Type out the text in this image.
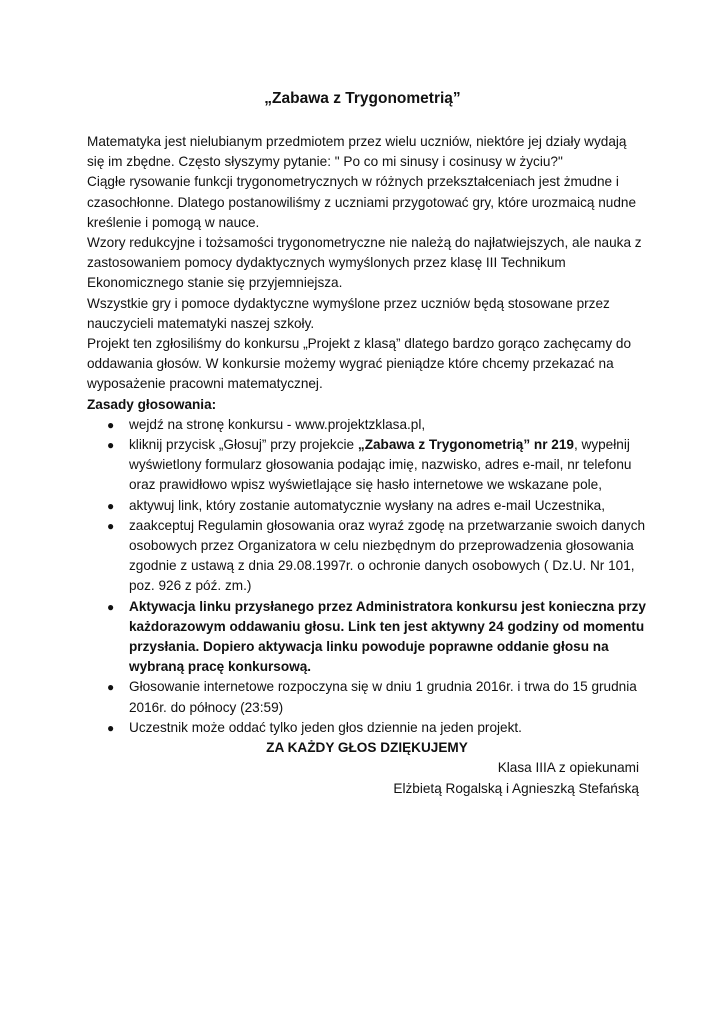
„Zabawa z Trygonometrią”

Matematyka jest nielubianym przedmiotem przez wielu uczniów, niektóre jej działy wydają się im zbędne. Często słyszymy pytanie: " Po co mi sinusy i cosinusy w życiu?"

Ciągłe rysowanie funkcji trygonometrycznych w różnych przekształceniach jest żmudne i czasochłonne. Dlatego postanowiliśmy z uczniami przygotować gry, które urozmaicą nudne kreślenie i pomogą w nauce.

Wzory redukcyjne i tożsamości trygonometryczne nie należą do najłatwiejszych, ale nauka z zastosowaniem pomocy dydaktycznych wymyślonych przez klasę III Technikum Ekonomicznego stanie się przyjemniejsza.

Wszystkie gry i pomoce dydaktyczne wymyślone przez uczniów będą stosowane przez nauczycieli matematyki naszej szkoły.

Projekt ten zgłosiliśmy do konkursu „Projekt z klasą” dlatego bardzo gorąco zachęcamy do oddawania głosów. W konkursie możemy wygrać pieniądze które chcemy przekazać na wyposażenie pracowni matematycznej.

Zasady głosowania:

● wejdź na stronę konkursu - www.projektzklasa.pl,
● kliknij przycisk „Głosuj” przy projekcie „Zabawa z Trygonometrią” nr 219, wypełnij wyświetlony formularz głosowania podając imię, nazwisko, adres e-mail, nr telefonu oraz prawidłowo wpisz wyświetlające się hasło internetowe we wskazane pole,
● aktywuj link, który zostanie automatycznie wysłany na adres e-mail Uczestnika,
● zaakceptuj Regulamin głosowania oraz wyraź zgodę na przetwarzanie swoich danych osobowych przez Organizatora w celu niezbędnym do przeprowadzenia głosowania zgodnie z ustawą z dnia 29.08.1997r. o ochronie danych osobowych ( Dz.U. Nr 101, poz. 926 z póź. zm.)
● Aktywacja linku przysłanego przez Administratora konkursu jest konieczna przy każdorazowym oddawaniu głosu. Link ten jest aktywny 24 godziny od momentu przysłania. Dopiero aktywacja linku powoduje poprawne oddanie głosu na wybraną pracę konkursową.
● Głosowanie internetowe rozpoczyna się w dniu 1 grudnia 2016r. i trwa do 15 grudnia 2016r. do północy (23:59)
● Uczestnik może oddać tylko jeden głos dziennie na jeden projekt.

ZA KAŻDY GŁOS DZIĘKUJEMY

Klasa IIIA z opiekunami

Elżbietą Rogalską i Agnieszką Stefańską
